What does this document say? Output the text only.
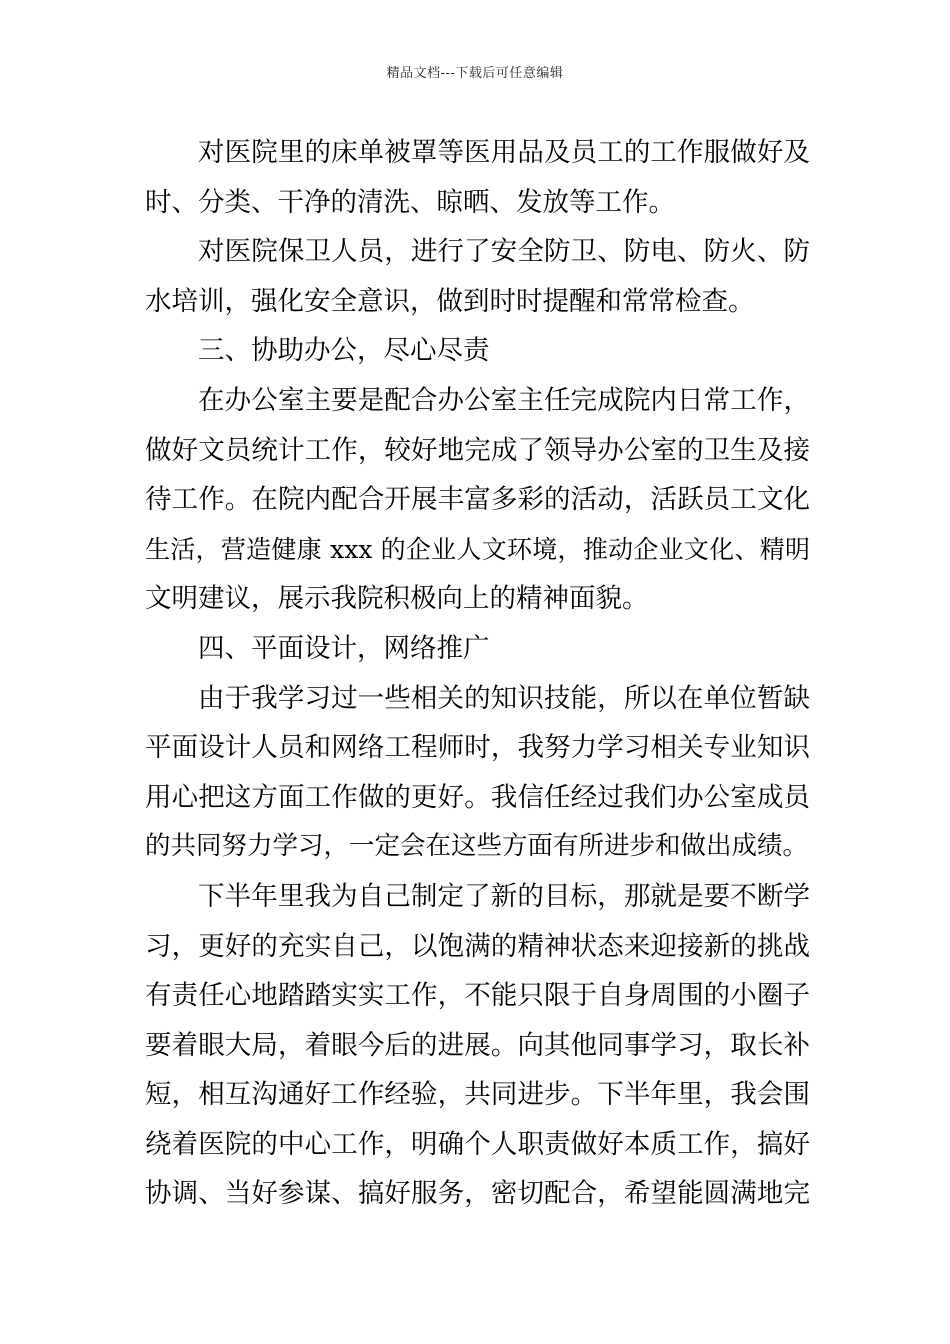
精品文档---下载后可任意编辑
对医院里的床单被罩等医用品及员工的工作服做好及
时、分类、干净的清洗、晾晒、发放等工作。
对医院保卫人员，进行了安全防卫、防电、防火、防
水培训，强化安全意识，做到时时提醒和常常检查。
三、协助办公，尽心尽责
在办公室主要是配合办公室主任完成院内日常工作，
做好文员统计工作，较好地完成了领导办公室的卫生及接
待工作。在院内配合开展丰富多彩的活动，活跃员工文化
生活，营造健康 xxx 的企业人文环境，推动企业文化、精明
文明建议，展示我院积极向上的精神面貌。
四、平面设计，网络推广
由于我学习过一些相关的知识技能，所以在单位暂缺
平面设计人员和网络工程师时，我努力学习相关专业知识
用心把这方面工作做的更好。我信任经过我们办公室成员
的共同努力学习，一定会在这些方面有所进步和做出成绩。
下半年里我为自己制定了新的目标，那就是要不断学
习，更好的充实自己，以饱满的精神状态来迎接新的挑战
有责任心地踏踏实实工作，不能只限于自身周围的小圈子
要着眼大局，着眼今后的进展。向其他同事学习，取长补
短，相互沟通好工作经验，共同进步。下半年里，我会围
绕着医院的中心工作，明确个人职责做好本质工作，搞好
协调、当好参谋、搞好服务，密切配合，希望能圆满地完
